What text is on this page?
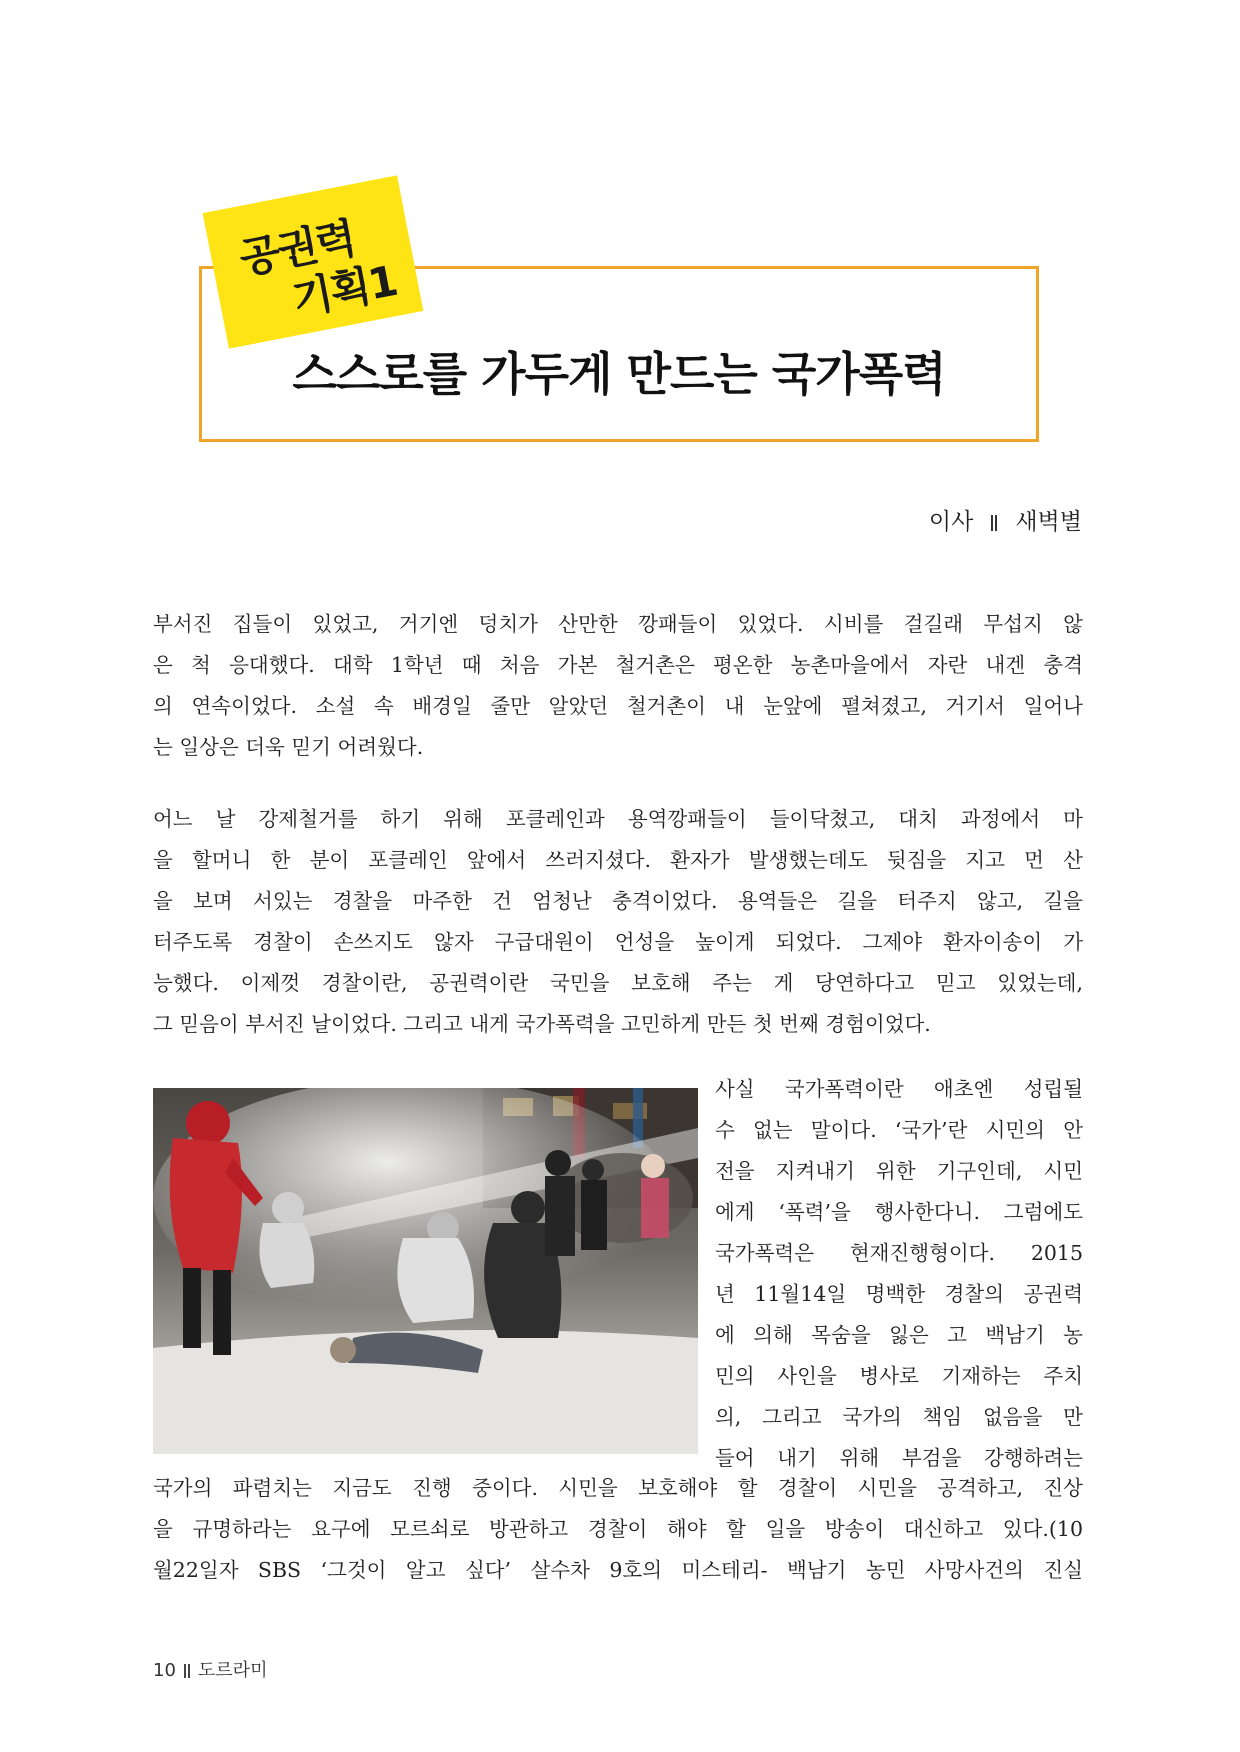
공권력
기획1
스스로를 가두게 만드는 국가폭력
이사 새벽별
부서진 집들이 있었고, 거기엔 덩치가 산만한 깡패들이 있었다. 시비를 걸길래 무섭지 않
은 척 응대했다. 대학 1학년 때 처음 가본 철거촌은 평온한 농촌마을에서 자란 내겐 충격
의 연속이었다. 소설 속 배경일 줄만 알았던 철거촌이 내 눈앞에 펼쳐졌고, 거기서 일어나
는 일상은 더욱 믿기 어려웠다.
어느 날 강제철거를 하기 위해 포클레인과 용역깡패들이 들이닥쳤고, 대치 과정에서 마
을 할머니 한 분이 포클레인 앞에서 쓰러지셨다. 환자가 발생했는데도 뒷짐을 지고 먼 산
을 보며 서있는 경찰을 마주한 건 엄청난 충격이었다. 용역들은 길을 터주지 않고, 길을
터주도록 경찰이 손쓰지도 않자 구급대원이 언성을 높이게 되었다. 그제야 환자이송이 가
능했다. 이제껏 경찰이란, 공권력이란 국민을 보호해 주는 게 당연하다고 믿고 있었는데,
그 믿음이 부서진 날이었다. 그리고 내게 국가폭력을 고민하게 만든 첫 번째 경험이었다.
사실 국가폭력이란 애초엔 성립될
수 없는 말이다. ‘국가’란 시민의 안
전을 지켜내기 위한 기구인데, 시민
에게 ‘폭력’을 행사한다니. 그럼에도
국가폭력은 현재진행형이다. 2015
년 11월14일 명백한 경찰의 공권력
에 의해 목숨을 잃은 고 백남기 농
민의 사인을 병사로 기재하는 주치
의, 그리고 국가의 책임 없음을 만
들어 내기 위해 부검을 강행하려는
국가의 파렴치는 지금도 진행 중이다. 시민을 보호해야 할 경찰이 시민을 공격하고, 진상
을 규명하라는 요구에 모르쇠로 방관하고 경찰이 해야 할 일을 방송이 대신하고 있다.(10
월22일자 SBS ‘그것이 알고 싶다’ 살수차 9호의 미스테리- 백남기 농민 사망사건의 진실
10 도르라미
